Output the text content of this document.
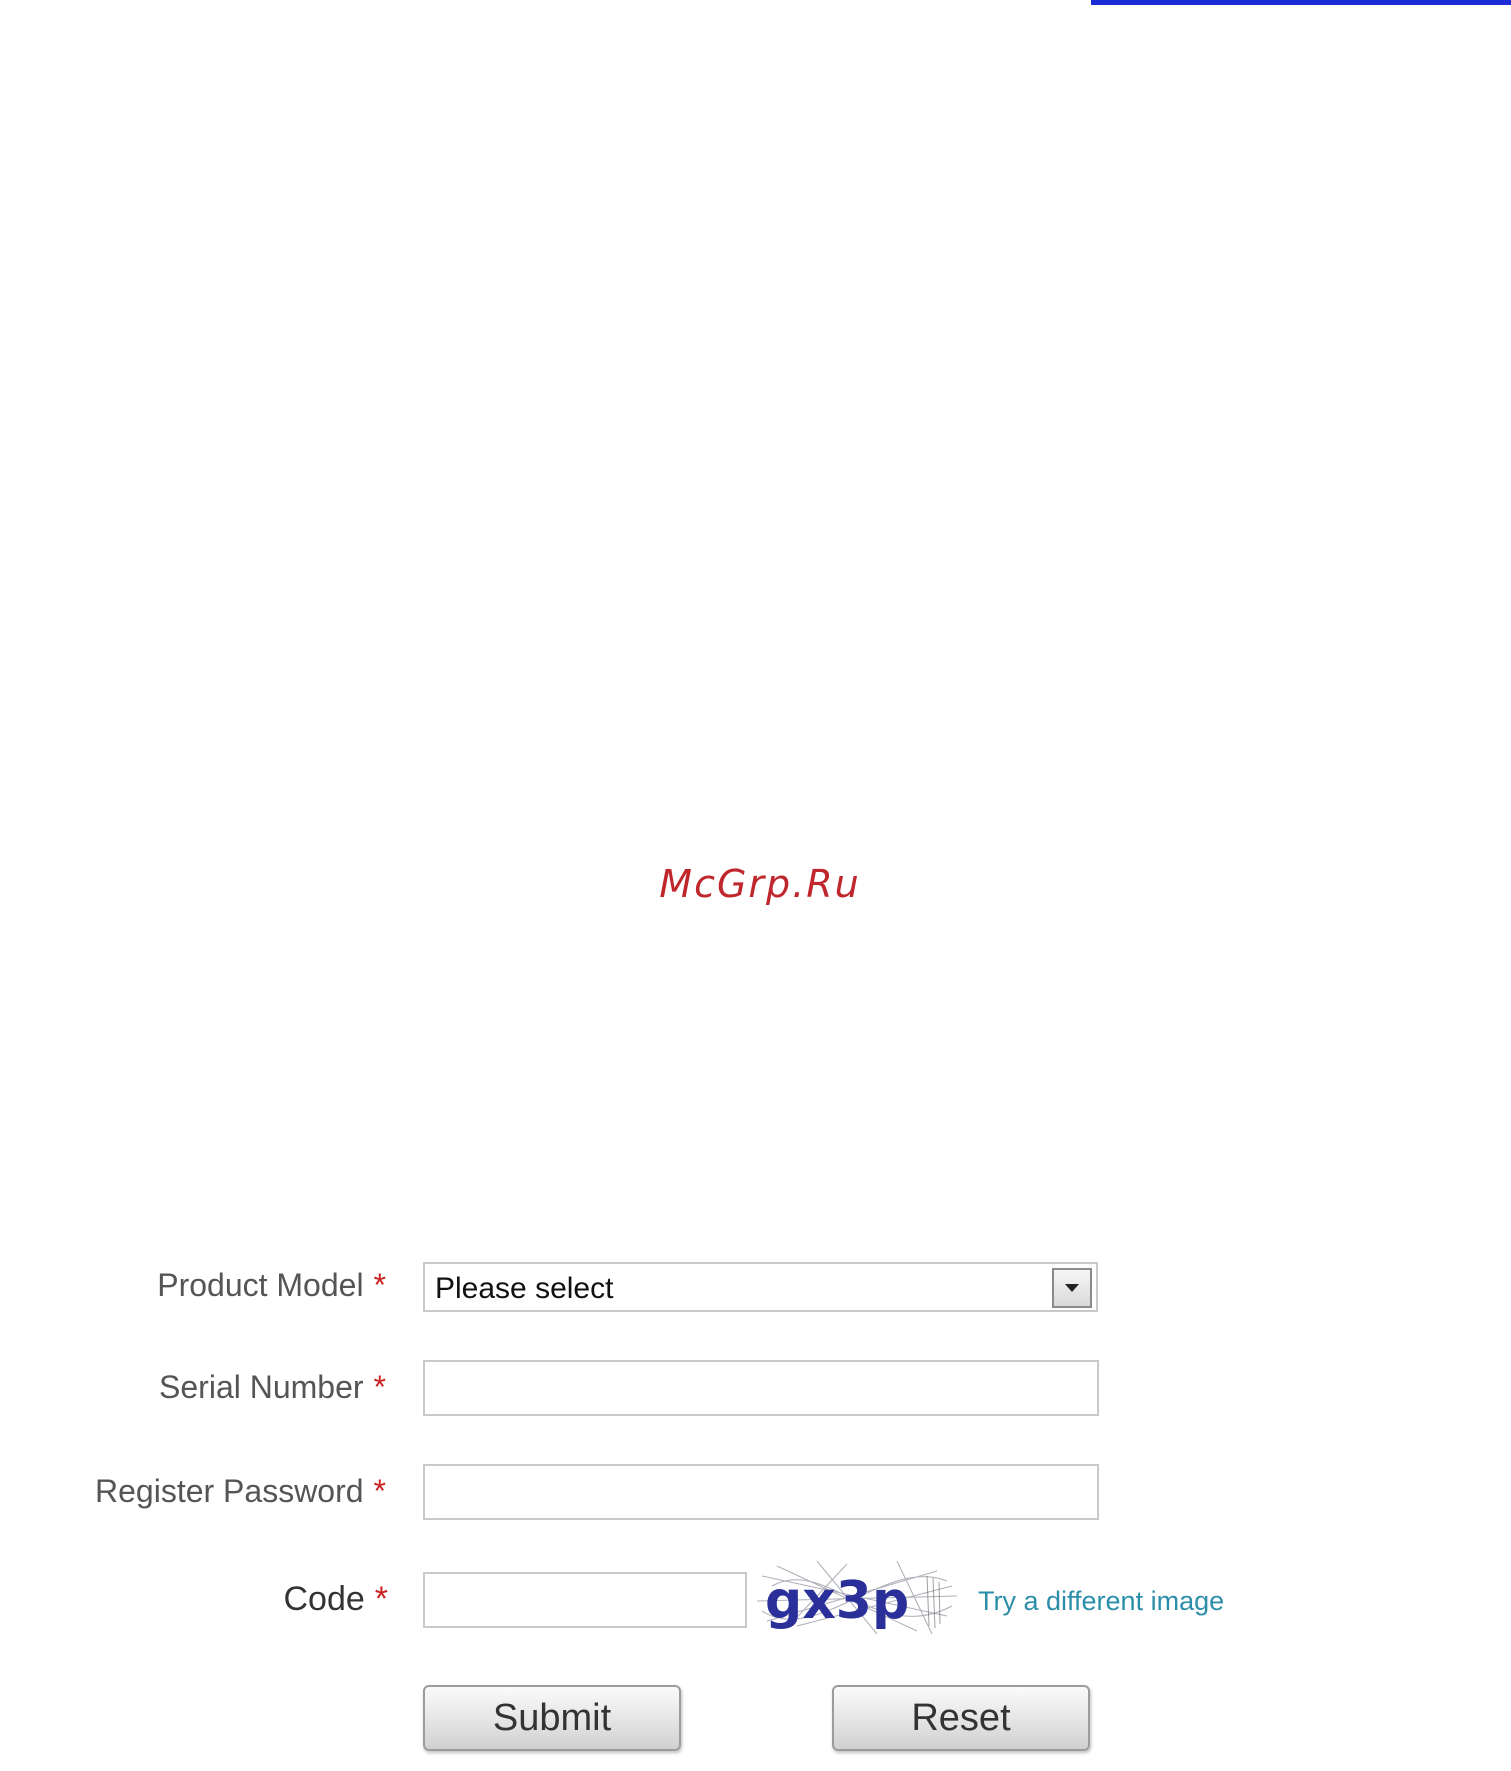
McGrp.Ru
Product Model * Please select
Serial Number *
Register Password *
Code *	gx3p	Try a different image
Submit	Reset
